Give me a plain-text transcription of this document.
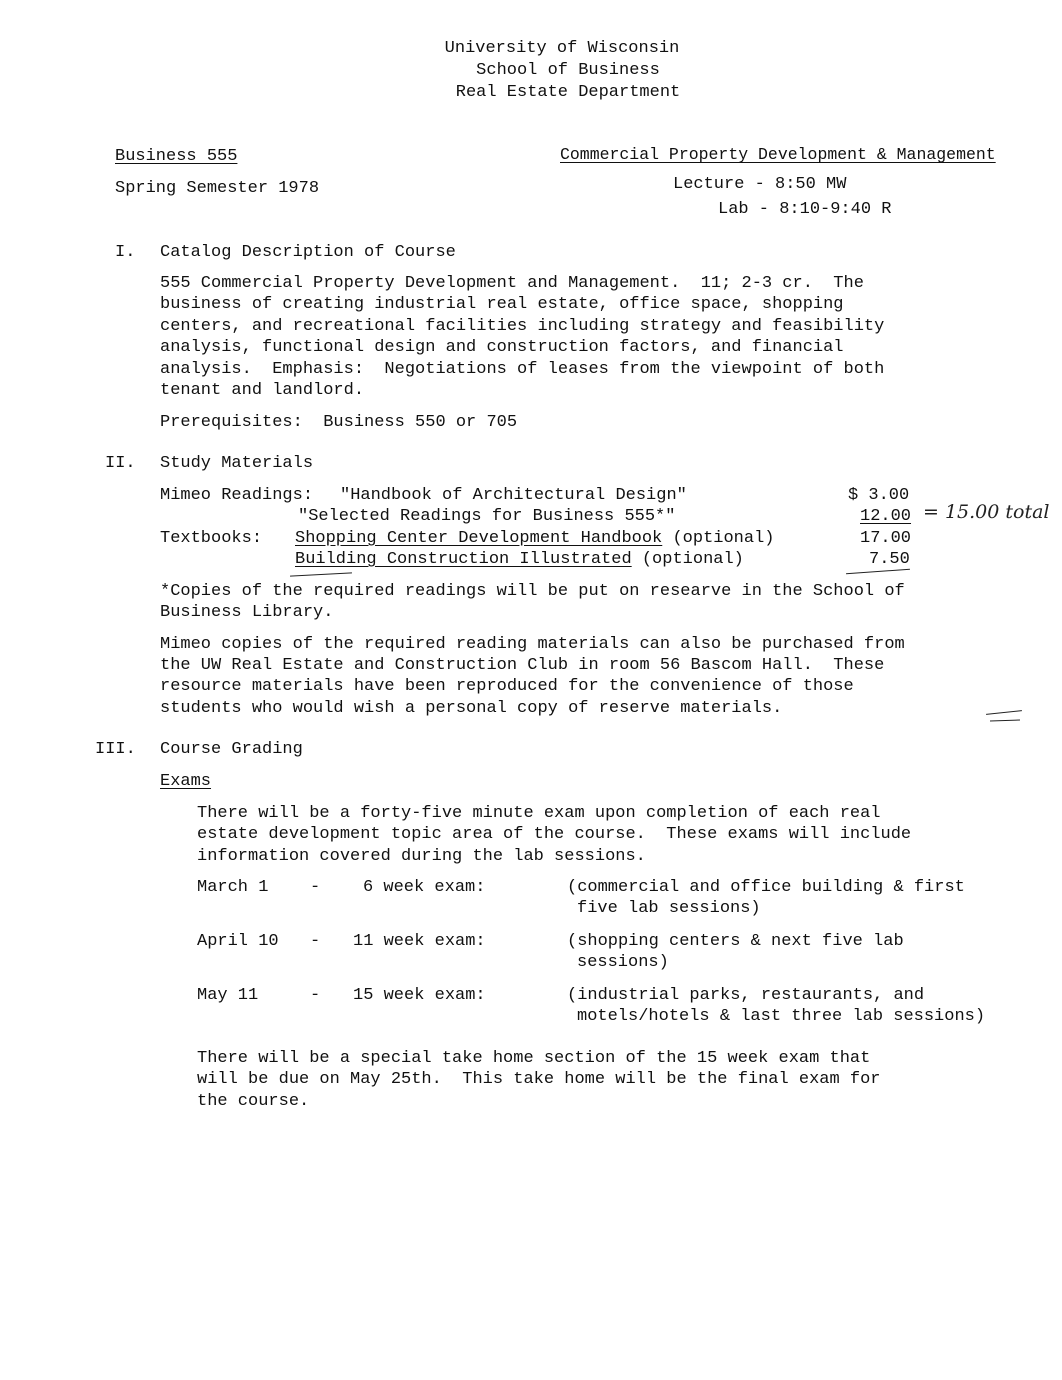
University of Wisconsin
School of Business
Real Estate Department
Business 555	Commercial Property Development & Management
Spring Semester 1978	Lecture - 8:50 MW
Lab - 8:10-9:40 R
I. Catalog Description of Course
555 Commercial Property Development and Management.  11; 2-3 cr.  The
business of creating industrial real estate, office space, shopping
centers, and recreational facilities including strategy and feasibility
analysis, functional design and construction factors, and financial
analysis.  Emphasis:  Negotiations of leases from the viewpoint of both
tenant and landlord.
Prerequisites:  Business 550 or 705
II. Study Materials
Mimeo Readings: "Handbook of Architectural Design"	$ 3.00
"Selected Readings for Business 555*"	12.00 = 15.00 total
Textbooks: Shopping Center Development Handbook (optional)	17.00
Building Construction Illustrated (optional)	7.50
*Copies of the required readings will be put on researve in the School of
Business Library.
Mimeo copies of the required reading materials can also be purchased from
the UW Real Estate and Construction Club in room 56 Bascom Hall.  These
resource materials have been reproduced for the convenience of those
students who would wish a personal copy of reserve materials.
III. Course Grading
Exams
There will be a forty-five minute exam upon completion of each real
estate development topic area of the course.  These exams will include
information covered during the lab sessions.
March 1 -	6 week exam:	(commercial and office building & first
five lab sessions)
April 10 - 11 week exam:	(shopping centers & next five lab
sessions)
May 11	- 15 week exam:	(industrial parks, restaurants, and
motels/hotels & last three lab sessions)
There will be a special take home section of the 15 week exam that
will be due on May 25th.  This take home will be the final exam for
the course.
